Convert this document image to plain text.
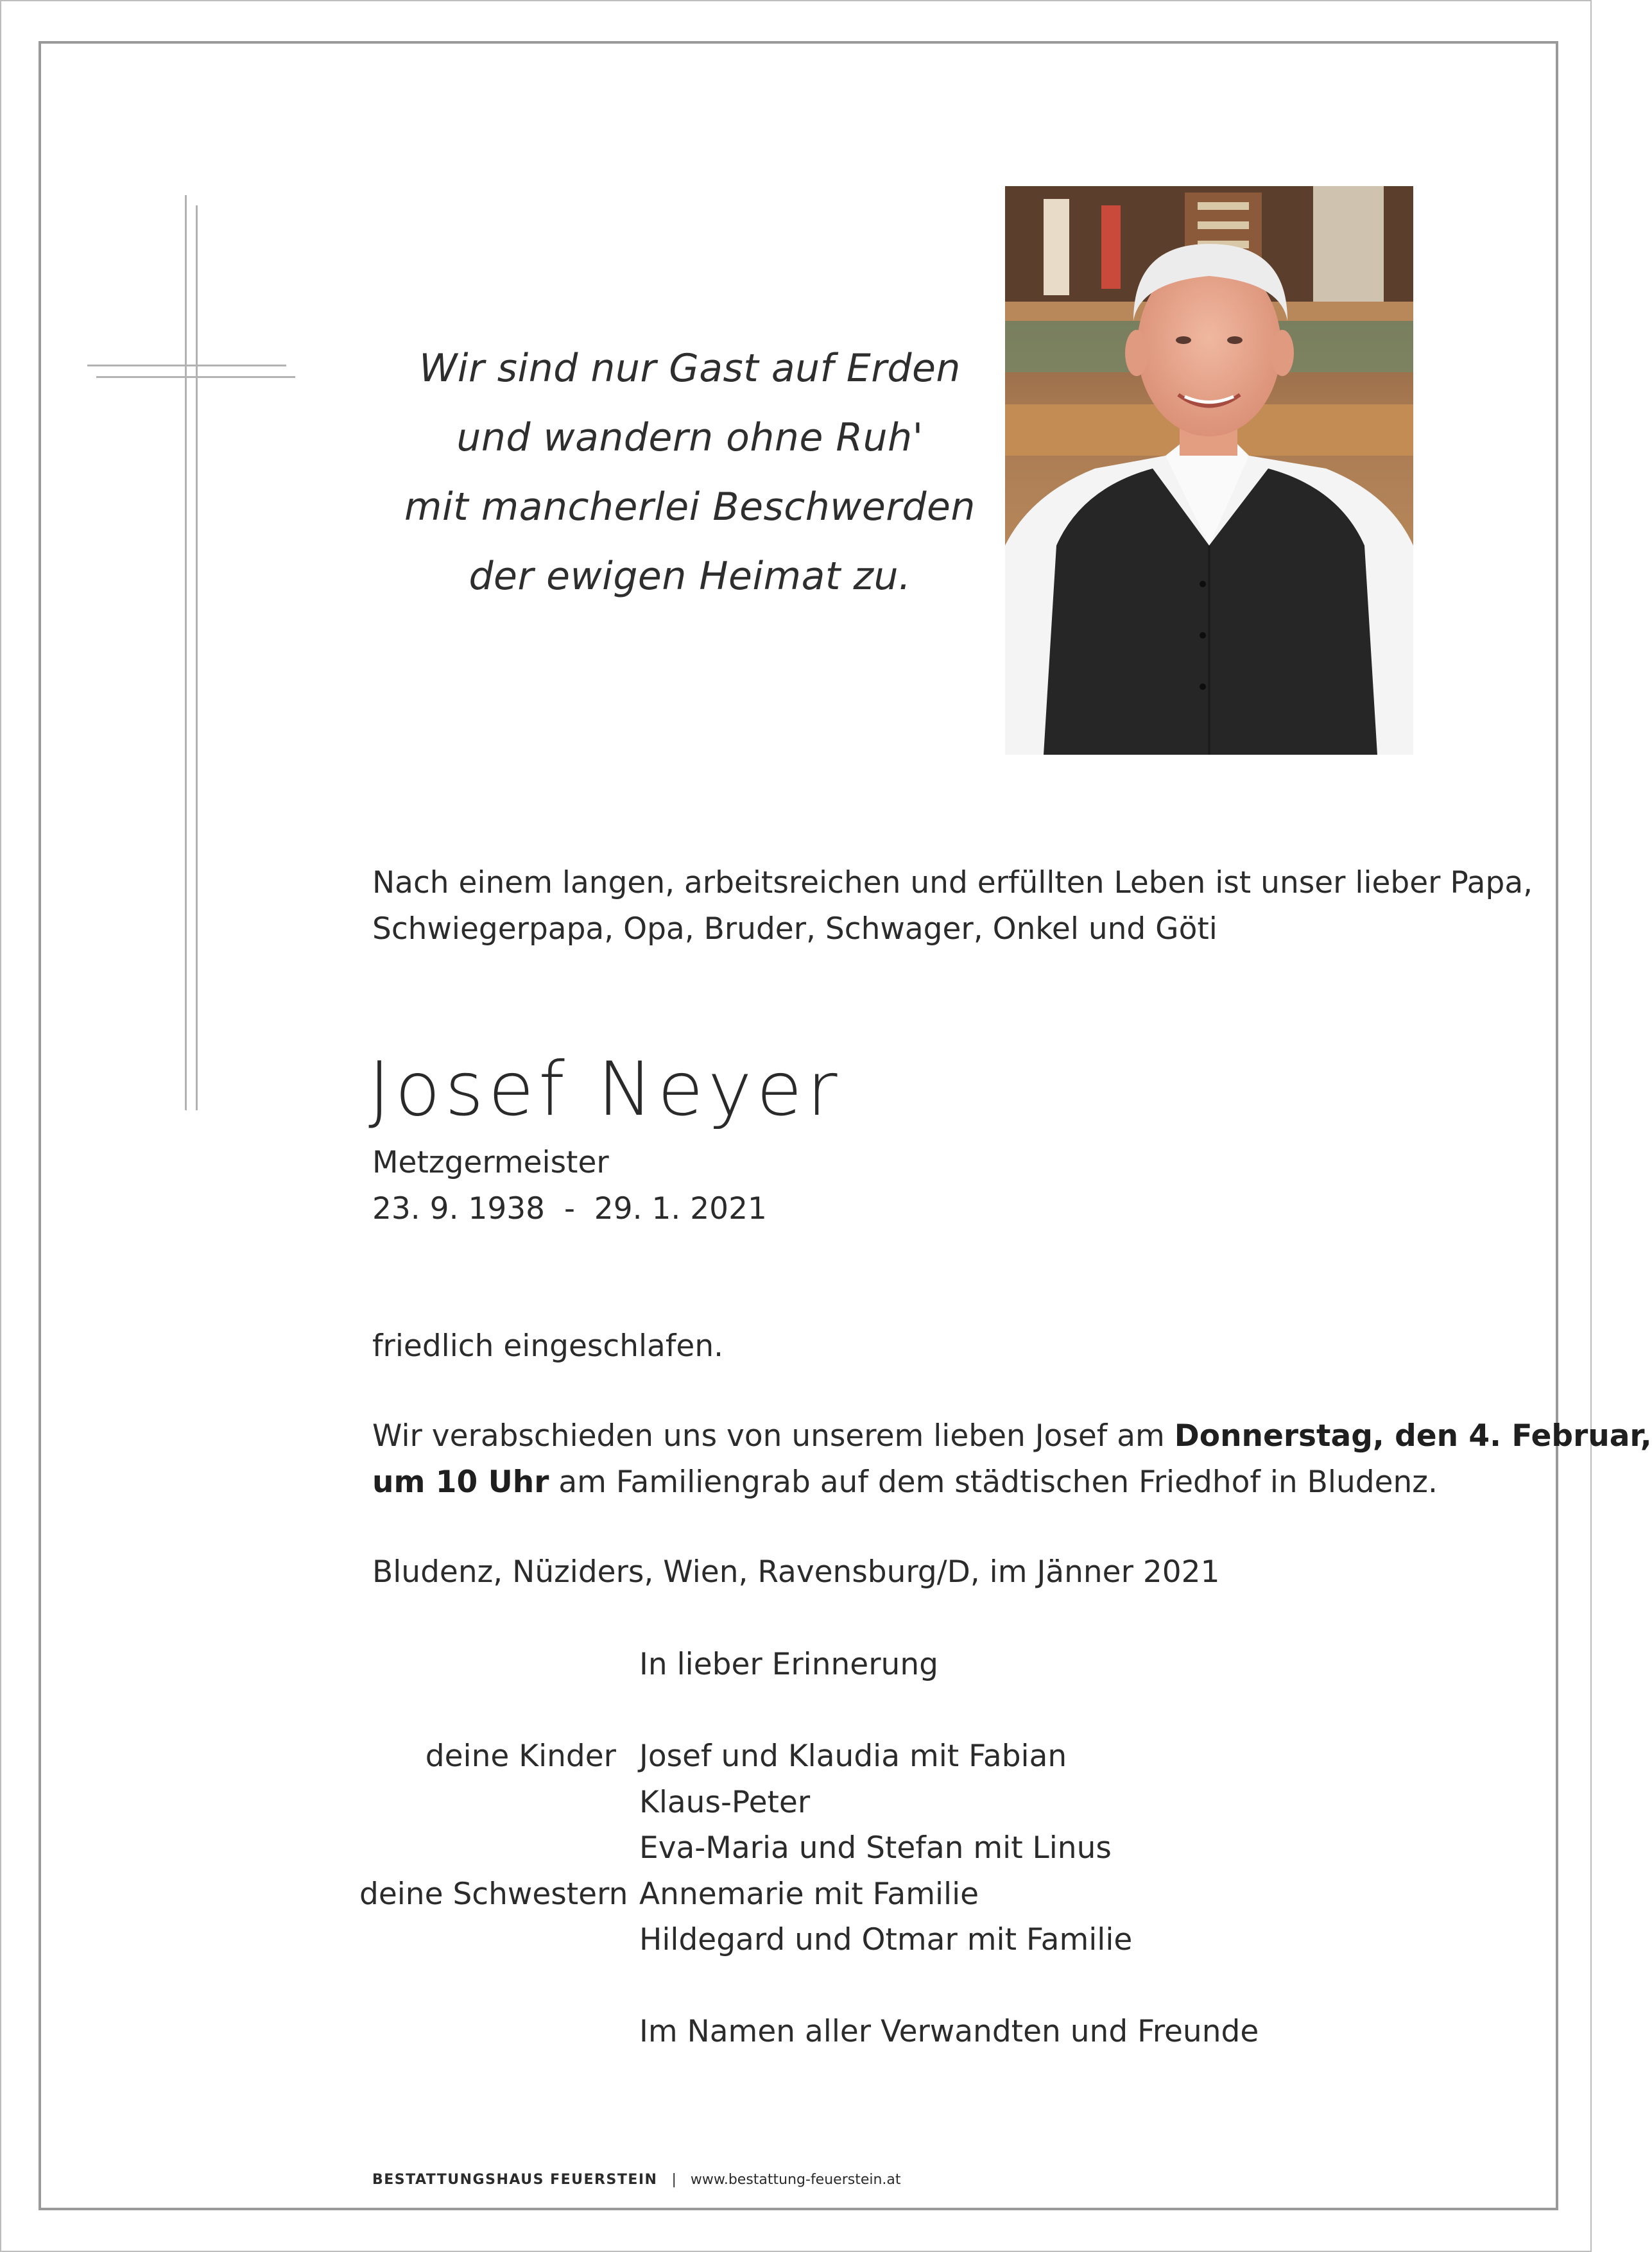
Wir sind nur Gast auf Erden
und wandern ohne Ruh'
mit mancherlei Beschwerden
der ewigen Heimat zu.
Nach einem langen, arbeitsreichen und erfüllten Leben ist unser lieber Papa,
Schwiegerpapa, Opa, Bruder, Schwager, Onkel und Göti
Josef Neyer
Metzgermeister
23. 9. 1938  -  29. 1. 2021
friedlich eingeschlafen.
Wir verabschieden uns von unserem lieben Josef am Donnerstag, den 4. Februar,
um 10 Uhr am Familiengrab auf dem städtischen Friedhof in Bludenz.
Bludenz, Nüziders, Wien, Ravensburg/D, im Jänner 2021
In lieber Erinnerung
deine Kinder Josef und Klaudia mit Fabian
Klaus-Peter
Eva-Maria und Stefan mit Linus
deine Schwestern Annemarie mit Familie
Hildegard und Otmar mit Familie
Im Namen aller Verwandten und Freunde
BESTATTUNGSHAUS FEUERSTEIN | www.bestattung-feuerstein.at
